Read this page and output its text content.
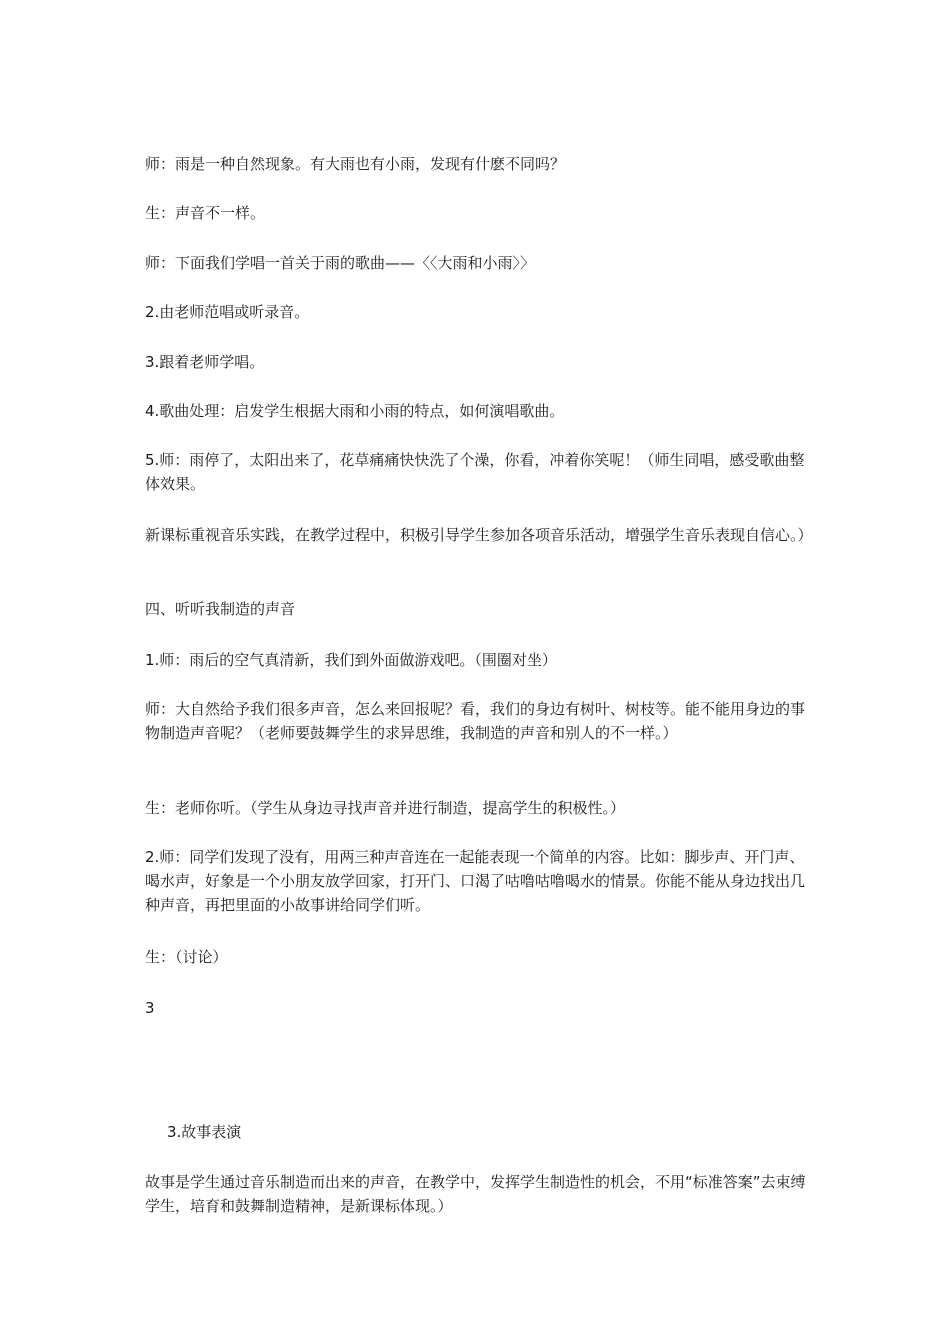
师：雨是一种自然现象。有大雨也有小雨，发现有什麽不同吗？

生：声音不一样。

师：下面我们学唱一首关于雨的歌曲——〈〈大雨和小雨〉〉

2.由老师范唱或听录音。

3.跟着老师学唱。

4.歌曲处理：启发学生根据大雨和小雨的特点，如何演唱歌曲。

5.师：雨停了，太阳出来了，花草痛痛快快洗了个澡，你看，冲着你笑呢！（师生同唱，感受歌曲整体效果。

新课标重视音乐实践，在教学过程中，积极引导学生参加各项音乐活动，增强学生音乐表现自信心。）

四、听听我制造的声音

1.师：雨后的空气真清新，我们到外面做游戏吧。（围圈对坐）

师：大自然给予我们很多声音，怎么来回报呢？看，我们的身边有树叶、树枝等。能不能用身边的事物制造声音呢？（老师要鼓舞学生的求异思维，我制造的声音和别人的不一样。）

生：老师你听。（学生从身边寻找声音并进行制造，提高学生的积极性。）

2.师：同学们发现了没有，用两三种声音连在一起能表现一个简单的内容。比如：脚步声、开门声、喝水声，好象是一个小朋友放学回家，打开门、口渴了咕噜咕噜喝水的情景。你能不能从身边找出几种声音，再把里面的小故事讲给同学们听。

生：（讨论）

3

3.故事表演

故事是学生通过音乐制造而出来的声音，在教学中，发挥学生制造性的机会，不用“标准答案”去束缚学生，培育和鼓舞制造精神，是新课标体现。）
